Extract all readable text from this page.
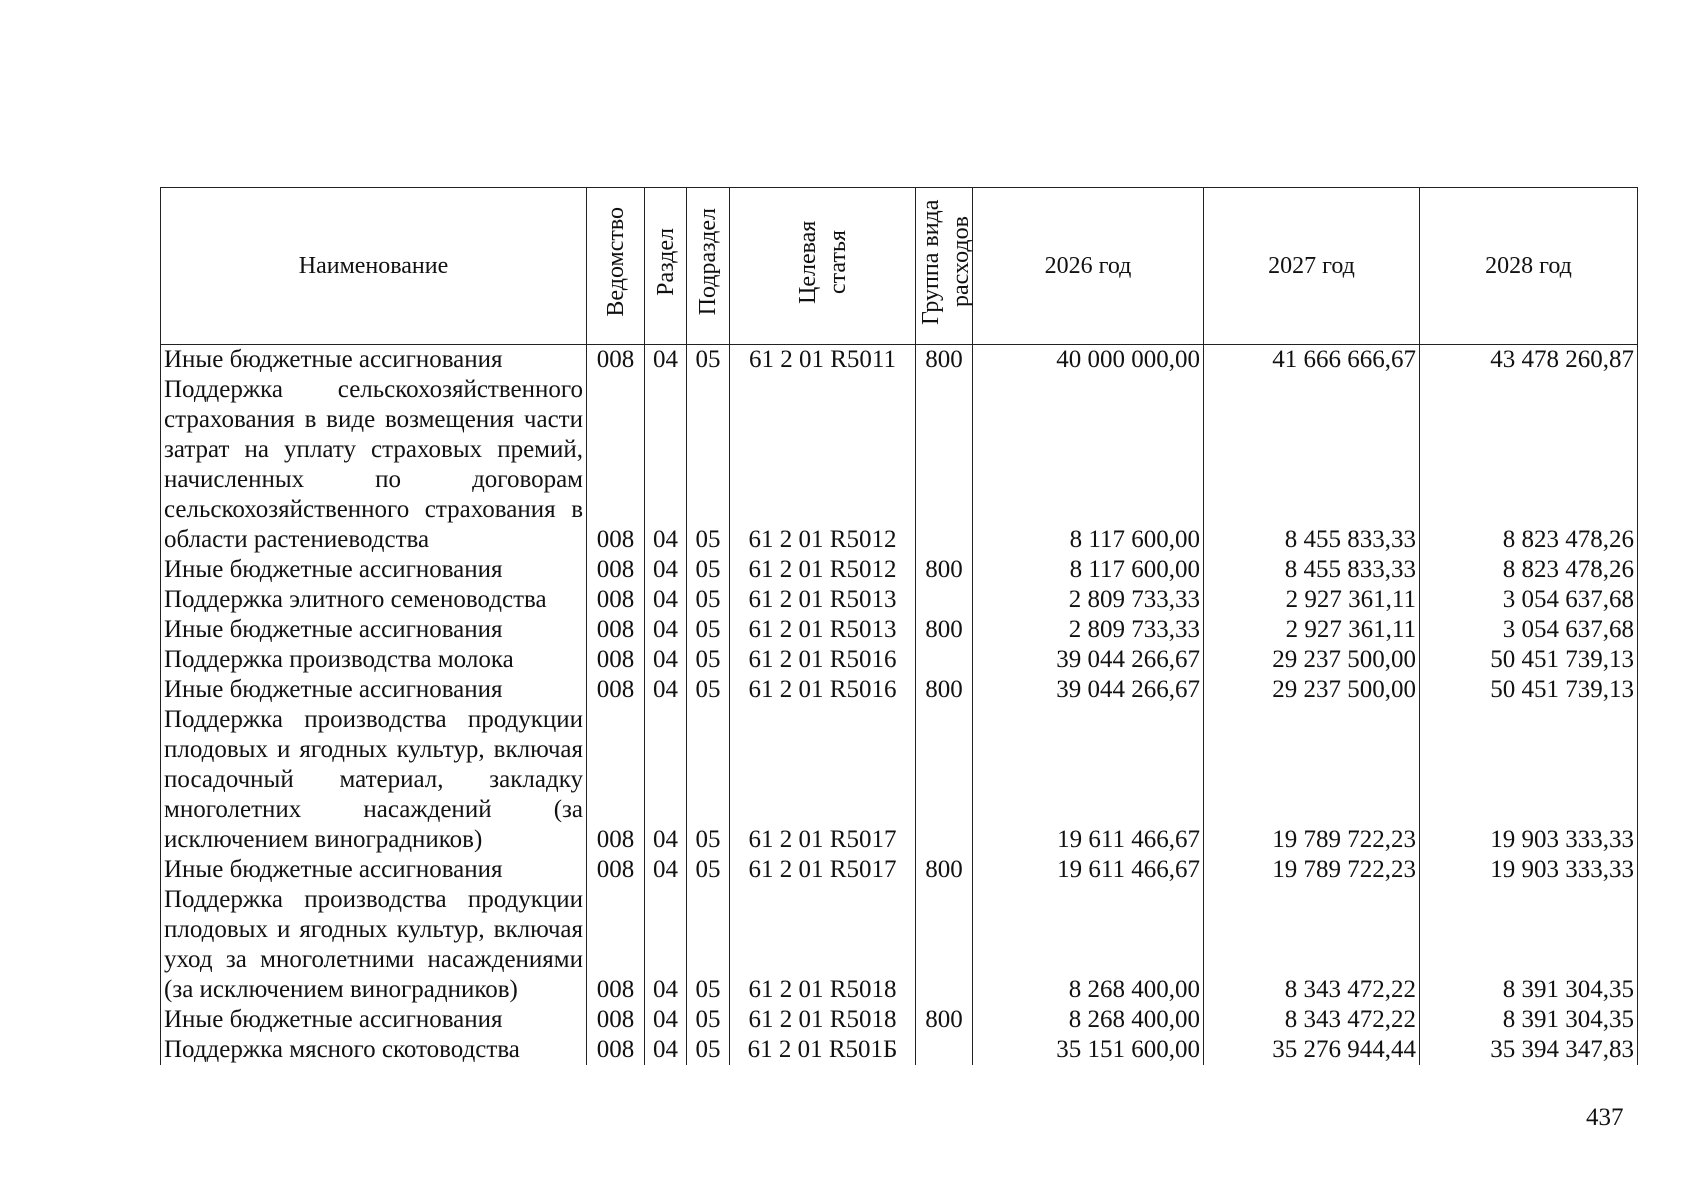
Наименование	Ведомство	Раздел	Подраздел	Целевая статья	Группа вида расходов	2026 год	2027 год	2028 год
Иные бюджетные ассигнования	008	04	05	61 2 01 R5011	800	40 000 000,00	41 666 666,67	43 478 260,87
Поддержка сельскохозяйственного страхования в виде возмещения части затрат на уплату страховых премий, начисленных по договорам сельскохозяйственного страхования в области растениеводства	008	04	05	61 2 01 R5012		8 117 600,00	8 455 833,33	8 823 478,26
Иные бюджетные ассигнования	008	04	05	61 2 01 R5012	800	8 117 600,00	8 455 833,33	8 823 478,26
Поддержка элитного семеноводства	008	04	05	61 2 01 R5013		2 809 733,33	2 927 361,11	3 054 637,68
Иные бюджетные ассигнования	008	04	05	61 2 01 R5013	800	2 809 733,33	2 927 361,11	3 054 637,68
Поддержка производства молока	008	04	05	61 2 01 R5016		39 044 266,67	29 237 500,00	50 451 739,13
Иные бюджетные ассигнования	008	04	05	61 2 01 R5016	800	39 044 266,67	29 237 500,00	50 451 739,13
Поддержка производства продукции плодовых и ягодных культур, включая посадочный материал, закладку многолетних насаждений (за исключением виноградников)	008	04	05	61 2 01 R5017		19 611 466,67	19 789 722,23	19 903 333,33
Иные бюджетные ассигнования	008	04	05	61 2 01 R5017	800	19 611 466,67	19 789 722,23	19 903 333,33
Поддержка производства продукции плодовых и ягодных культур, включая уход за многолетними насаждениями (за исключением виноградников)	008	04	05	61 2 01 R5018		8 268 400,00	8 343 472,22	8 391 304,35
Иные бюджетные ассигнования	008	04	05	61 2 01 R5018	800	8 268 400,00	8 343 472,22	8 391 304,35
Поддержка мясного скотоводства	008	04	05	61 2 01 R501Б		35 151 600,00	35 276 944,44	35 394 347,83
437
